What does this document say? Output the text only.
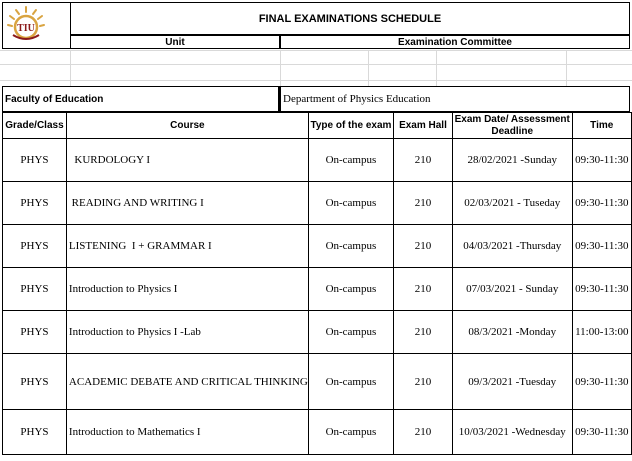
TIU
FINAL EXAMINATIONS SCHEDULE
Unit	Examination Committee
Faculty of Education	Department of Physics Education
Grade/Class	Course	Type of the exam	Exam Hall	Exam Date/ Assessment Deadline	Time
PHYS	KURDOLOGY I	On-campus	210	28/02/2021 -Sunday	09:30-11:30
PHYS	READING AND WRITING I	On-campus	210	02/03/2021 - Tuseday	09:30-11:30
PHYS	LISTENING  I + GRAMMAR I	On-campus	210	04/03/2021 -Thursday	09:30-11:30
PHYS	Introduction to Physics I	On-campus	210	07/03/2021 - Sunday	09:30-11:30
PHYS	Introduction to Physics I -Lab	On-campus	210	08/3/2021 -Monday	11:00-13:00
PHYS	ACADEMIC DEBATE AND CRITICAL THINKING	On-campus	210	09/3/2021 -Tuesday	09:30-11:30
PHYS	Introduction to Mathematics I	On-campus	210	10/03/2021 -Wednesday	09:30-11:30
